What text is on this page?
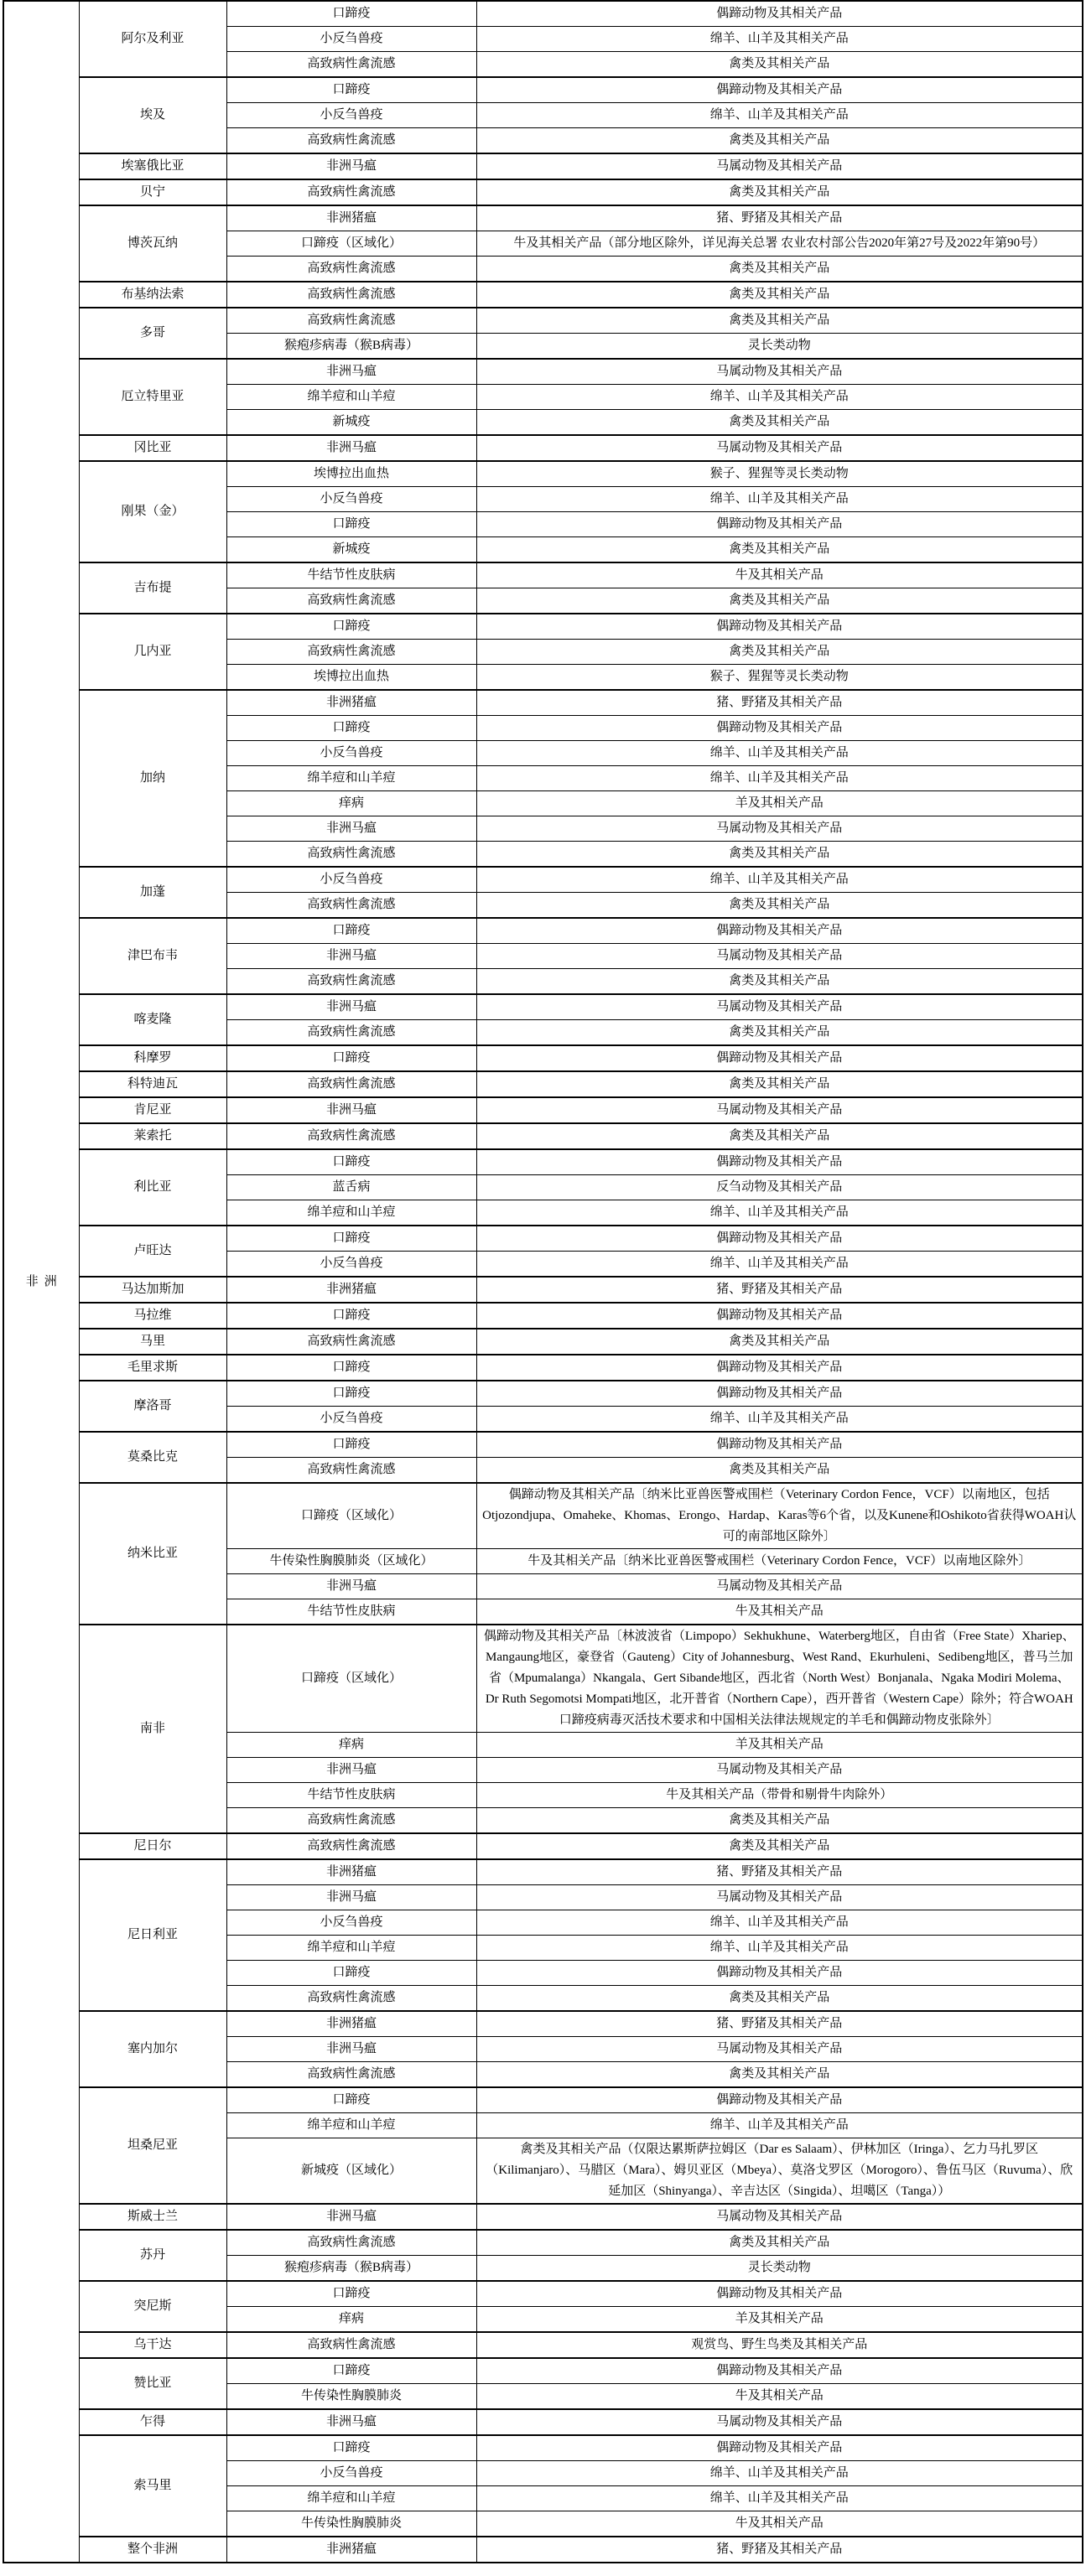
非洲	阿尔及利亚	口蹄疫	偶蹄动物及其相关产品
		小反刍兽疫	绵羊、山羊及其相关产品
		高致病性禽流感	禽类及其相关产品
	埃及	口蹄疫	偶蹄动物及其相关产品
		小反刍兽疫	绵羊、山羊及其相关产品
		高致病性禽流感	禽类及其相关产品
	埃塞俄比亚	非洲马瘟	马属动物及其相关产品
	贝宁	高致病性禽流感	禽类及其相关产品
	博茨瓦纳	非洲猪瘟	猪、野猪及其相关产品
		口蹄疫（区域化）	牛及其相关产品（部分地区除外，详见海关总署 农业农村部公告2020年第27号及2022年第90号）
		高致病性禽流感	禽类及其相关产品
	布基纳法索	高致病性禽流感	禽类及其相关产品
	多哥	高致病性禽流感	禽类及其相关产品
		猴疱疹病毒（猴B病毒）	灵长类动物
	厄立特里亚	非洲马瘟	马属动物及其相关产品
		绵羊痘和山羊痘	绵羊、山羊及其相关产品
		新城疫	禽类及其相关产品
	冈比亚	非洲马瘟	马属动物及其相关产品
	刚果（金）	埃博拉出血热	猴子、猩猩等灵长类动物
		小反刍兽疫	绵羊、山羊及其相关产品
		口蹄疫	偶蹄动物及其相关产品
		新城疫	禽类及其相关产品
	吉布提	牛结节性皮肤病	牛及其相关产品
		高致病性禽流感	禽类及其相关产品
	几内亚	口蹄疫	偶蹄动物及其相关产品
		高致病性禽流感	禽类及其相关产品
		埃博拉出血热	猴子、猩猩等灵长类动物
	加纳	非洲猪瘟	猪、野猪及其相关产品
		口蹄疫	偶蹄动物及其相关产品
		小反刍兽疫	绵羊、山羊及其相关产品
		绵羊痘和山羊痘	绵羊、山羊及其相关产品
		痒病	羊及其相关产品
		非洲马瘟	马属动物及其相关产品
		高致病性禽流感	禽类及其相关产品
	加蓬	小反刍兽疫	绵羊、山羊及其相关产品
		高致病性禽流感	禽类及其相关产品
	津巴布韦	口蹄疫	偶蹄动物及其相关产品
		非洲马瘟	马属动物及其相关产品
		高致病性禽流感	禽类及其相关产品
	喀麦隆	非洲马瘟	马属动物及其相关产品
		高致病性禽流感	禽类及其相关产品
	科摩罗	口蹄疫	偶蹄动物及其相关产品
	科特迪瓦	高致病性禽流感	禽类及其相关产品
	肯尼亚	非洲马瘟	马属动物及其相关产品
	莱索托	高致病性禽流感	禽类及其相关产品
	利比亚	口蹄疫	偶蹄动物及其相关产品
		蓝舌病	反刍动物及其相关产品
		绵羊痘和山羊痘	绵羊、山羊及其相关产品
	卢旺达	口蹄疫	偶蹄动物及其相关产品
		小反刍兽疫	绵羊、山羊及其相关产品
	马达加斯加	非洲猪瘟	猪、野猪及其相关产品
	马拉维	口蹄疫	偶蹄动物及其相关产品
	马里	高致病性禽流感	禽类及其相关产品
	毛里求斯	口蹄疫	偶蹄动物及其相关产品
	摩洛哥	口蹄疫	偶蹄动物及其相关产品
		小反刍兽疫	绵羊、山羊及其相关产品
	莫桑比克	口蹄疫	偶蹄动物及其相关产品
		高致病性禽流感	禽类及其相关产品
	纳米比亚	口蹄疫（区域化）	偶蹄动物及其相关产品〔纳米比亚兽医警戒围栏（Veterinary Cordon Fence，VCF）以南地区，包括Otjozondjupa、Omaheke、Khomas、Erongo、Hardap、Karas等6个省，以及Kunene和Oshikoto省获得WOAH认可的南部地区除外〕
		牛传染性胸膜肺炎（区域化）	牛及其相关产品〔纳米比亚兽医警戒围栏（Veterinary Cordon Fence，VCF）以南地区除外〕
		非洲马瘟	马属动物及其相关产品
		牛结节性皮肤病	牛及其相关产品
	南非	口蹄疫（区域化）	偶蹄动物及其相关产品〔林波波省（Limpopo）Sekhukhune、Waterberg地区，自由省（Free State）Xhariep、Mangaung地区，豪登省（Gauteng）City of Johannesburg、West Rand、Ekurhuleni、Sedibeng地区，普马兰加省（Mpumalanga）Nkangala、Gert Sibande地区，西北省（North West）Bonjanala、Ngaka Modiri Molema、 Dr Ruth Segomotsi Mompati地区，北开普省（Northern Cape），西开普省（Western Cape）除外；符合WOAH口蹄疫病毒灭活技术要求和中国相关法律法规规定的羊毛和偶蹄动物皮张除外〕
		痒病	羊及其相关产品
		非洲马瘟	马属动物及其相关产品
		牛结节性皮肤病	牛及其相关产品（带骨和剔骨牛肉除外）
		高致病性禽流感	禽类及其相关产品
	尼日尔	高致病性禽流感	禽类及其相关产品
	尼日利亚	非洲猪瘟	猪、野猪及其相关产品
		非洲马瘟	马属动物及其相关产品
		小反刍兽疫	绵羊、山羊及其相关产品
		绵羊痘和山羊痘	绵羊、山羊及其相关产品
		口蹄疫	偶蹄动物及其相关产品
		高致病性禽流感	禽类及其相关产品
	塞内加尔	非洲猪瘟	猪、野猪及其相关产品
		非洲马瘟	马属动物及其相关产品
		高致病性禽流感	禽类及其相关产品
	坦桑尼亚	口蹄疫	偶蹄动物及其相关产品
		绵羊痘和山羊痘	绵羊、山羊及其相关产品
		新城疫（区域化）	禽类及其相关产品（仅限达累斯萨拉姆区（Dar es Salaam）、伊林加区（Iringa）、乞力马扎罗区（Kilimanjaro）、马腊区（Mara）、姆贝亚区（Mbeya）、莫洛戈罗区（Morogoro）、鲁伍马区（Ruvuma）、欣延加区（Shinyanga）、辛吉达区（Singida）、坦噶区（Tanga））
	斯威士兰	非洲马瘟	马属动物及其相关产品
	苏丹	高致病性禽流感	禽类及其相关产品
		猴疱疹病毒（猴B病毒）	灵长类动物
	突尼斯	口蹄疫	偶蹄动物及其相关产品
		痒病	羊及其相关产品
	乌干达	高致病性禽流感	观赏鸟、野生鸟类及其相关产品
	赞比亚	口蹄疫	偶蹄动物及其相关产品
		牛传染性胸膜肺炎	牛及其相关产品
	乍得	非洲马瘟	马属动物及其相关产品
	索马里	口蹄疫	偶蹄动物及其相关产品
		小反刍兽疫	绵羊、山羊及其相关产品
		绵羊痘和山羊痘	绵羊、山羊及其相关产品
		牛传染性胸膜肺炎	牛及其相关产品
	整个非洲	非洲猪瘟	猪、野猪及其相关产品
